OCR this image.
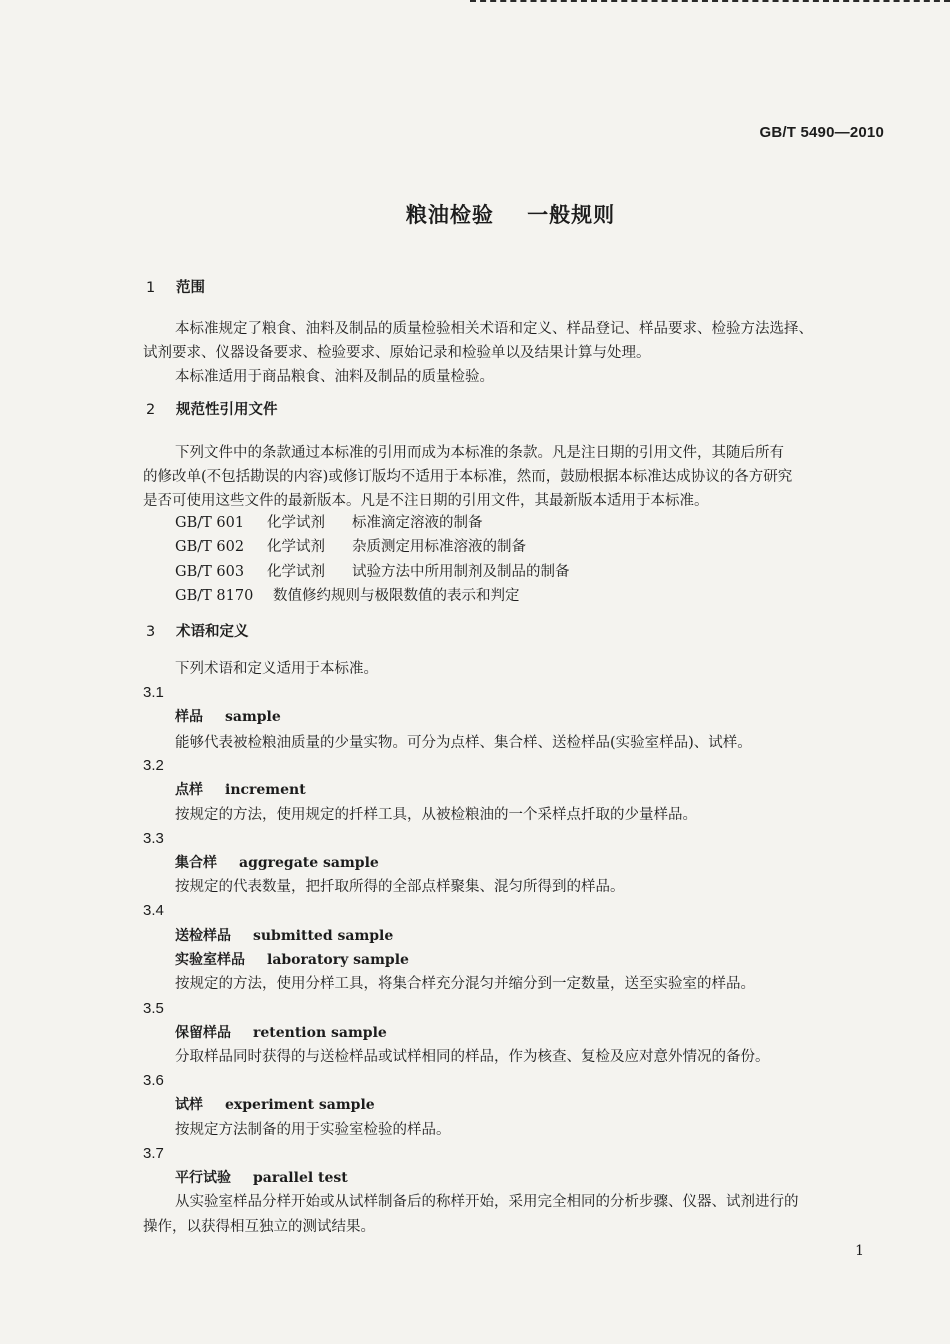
GB/T 5490—2010
粮油检验    一般规则
1 范围
本标准规定了粮食、油料及制品的质量检验相关术语和定义、样品登记、样品要求、检验方法选择、
试剂要求、仪器设备要求、检验要求、原始记录和检验单以及结果计算与处理。
本标准适用于商品粮食、油料及制品的质量检验。
2 规范性引用文件
下列文件中的条款通过本标准的引用而成为本标准的条款。凡是注日期的引用文件，其随后所有
的修改单(不包括勘误的内容)或修订版均不适用于本标准，然而，鼓励根据本标准达成协议的各方研究
是否可使用这些文件的最新版本。凡是不注日期的引用文件，其最新版本适用于本标准。
GB/T 601 化学试剂 标准滴定溶液的制备
GB/T 602 化学试剂 杂质测定用标准溶液的制备
GB/T 603 化学试剂 试验方法中所用制剂及制品的制备
GB/T 8170 数值修约规则与极限数值的表示和判定
3 术语和定义
下列术语和定义适用于本标准。
3.1
样品 sample
能够代表被检粮油质量的少量实物。可分为点样、集合样、送检样品(实验室样品)、试样。
3.2
点样 increment
按规定的方法，使用规定的扦样工具，从被检粮油的一个采样点扦取的少量样品。
3.3
集合样 aggregate sample
按规定的代表数量，把扦取所得的全部点样聚集、混匀所得到的样品。
3.4
送检样品 submitted sample
实验室样品 laboratory sample
按规定的方法，使用分样工具，将集合样充分混匀并缩分到一定数量，送至实验室的样品。
3.5
保留样品 retention sample
分取样品同时获得的与送检样品或试样相同的样品，作为核查、复检及应对意外情况的备份。
3.6
试样 experiment sample
按规定方法制备的用于实验室检验的样品。
3.7
平行试验 parallel test
从实验室样品分样开始或从试样制备后的称样开始，采用完全相同的分析步骤、仪器、试剂进行的
操作，以获得相互独立的测试结果。
1
